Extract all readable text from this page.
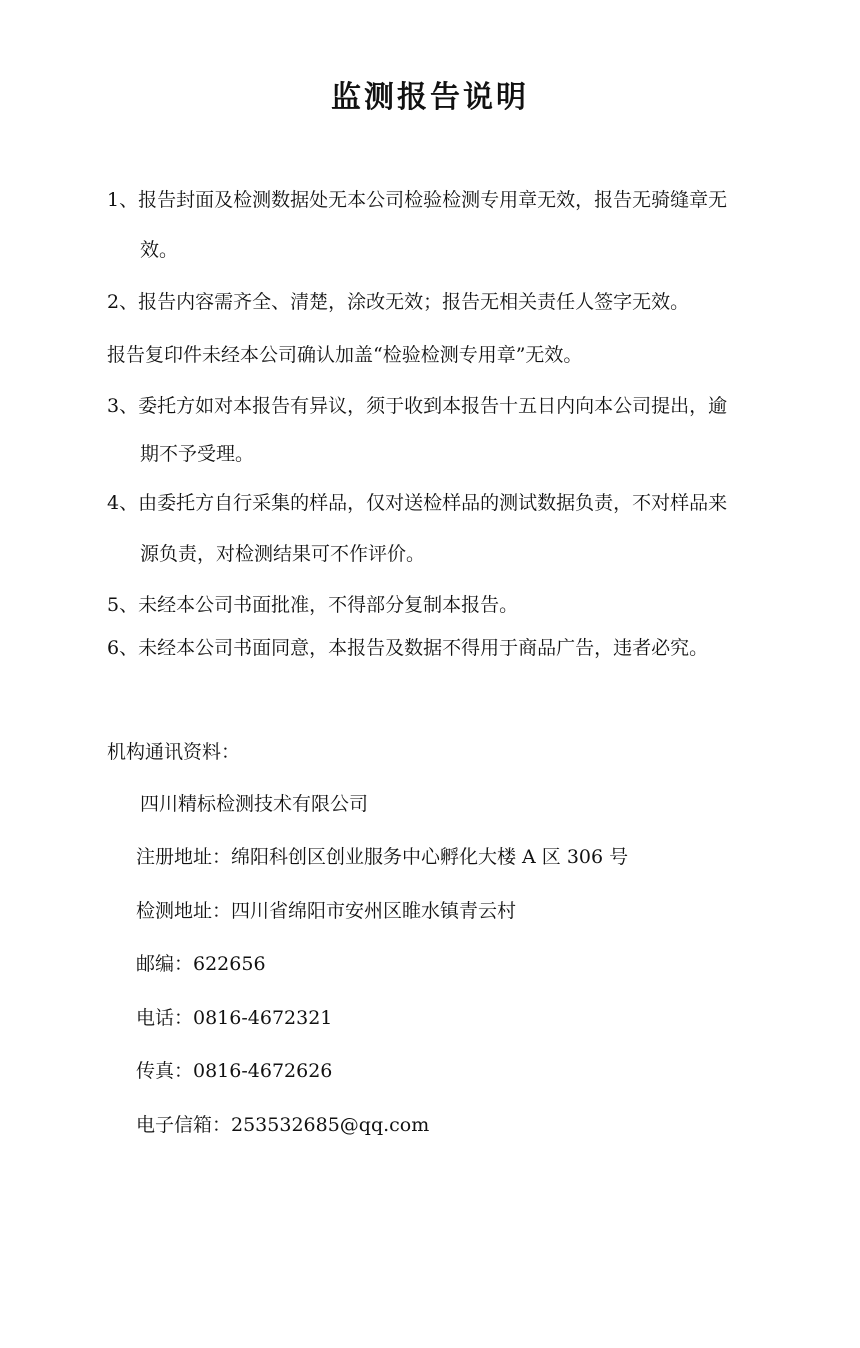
监测报告说明
1、报告封面及检测数据处无本公司检验检测专用章无效，报告无骑缝章无
效。
2、报告内容需齐全、清楚，涂改无效；报告无相关责任人签字无效。
报告复印件未经本公司确认加盖“检验检测专用章”无效。
3、委托方如对本报告有异议，须于收到本报告十五日内向本公司提出，逾
期不予受理。
4、由委托方自行采集的样品，仅对送检样品的测试数据负责，不对样品来
源负责，对检测结果可不作评价。
5、未经本公司书面批准，不得部分复制本报告。
6、未经本公司书面同意，本报告及数据不得用于商品广告，违者必究。
机构通讯资料：
四川精标检测技术有限公司
注册地址：绵阳科创区创业服务中心孵化大楼 A 区 306 号
检测地址：四川省绵阳市安州区睢水镇青云村
邮编：622656
电话：0816-4672321
传真：0816-4672626
电子信箱：253532685@qq.com
